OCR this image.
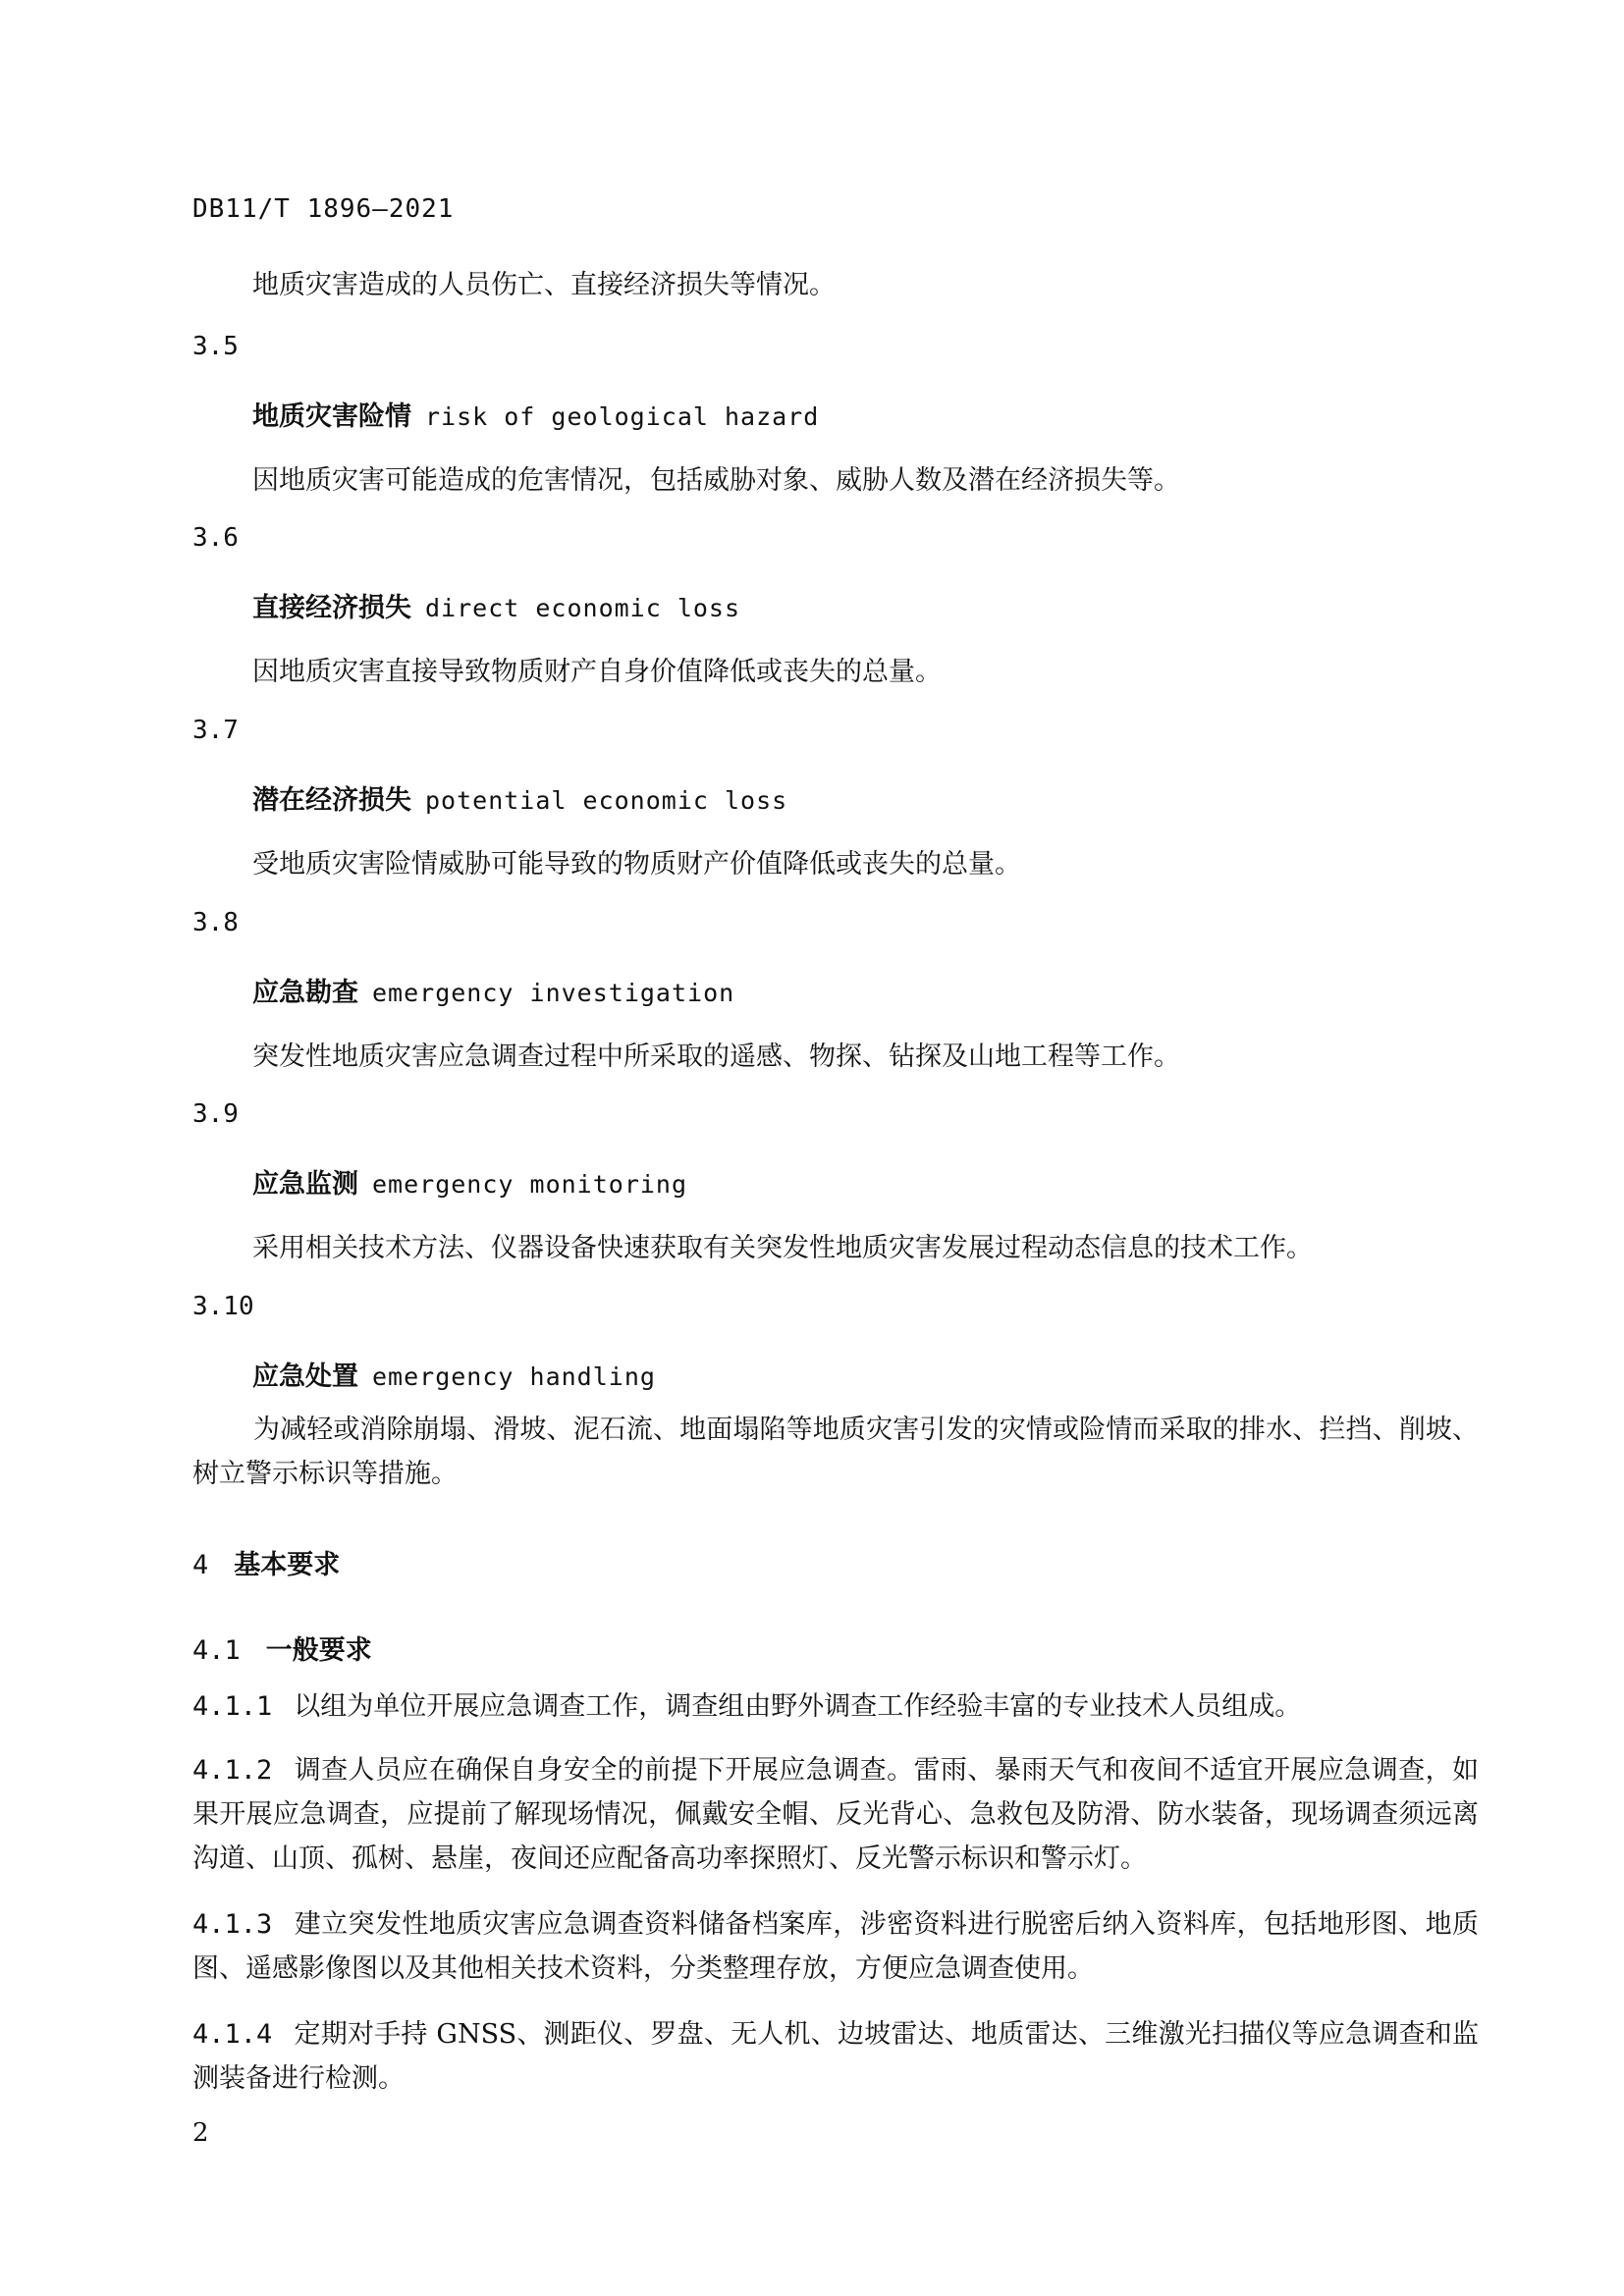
DB11/T 1896—2021
地质灾害造成的人员伤亡、直接经济损失等情况。
3.5
地质灾害险情 risk of geological hazard
因地质灾害可能造成的危害情况，包括威胁对象、威胁人数及潜在经济损失等。
3.6
直接经济损失 direct economic loss
因地质灾害直接导致物质财产自身价值降低或丧失的总量。
3.7
潜在经济损失 potential economic loss
受地质灾害险情威胁可能导致的物质财产价值降低或丧失的总量。
3.8
应急勘查 emergency investigation
突发性地质灾害应急调查过程中所采取的遥感、物探、钻探及山地工程等工作。
3.9
应急监测 emergency monitoring
采用相关技术方法、仪器设备快速获取有关突发性地质灾害发展过程动态信息的技术工作。
3.10
应急处置 emergency handling
为减轻或消除崩塌、滑坡、泥石流、地面塌陷等地质灾害引发的灾情或险情而采取的排水、拦挡、削坡、树立警示标识等措施。
4 基本要求
4.1 一般要求
4.1.1 以组为单位开展应急调查工作，调查组由野外调查工作经验丰富的专业技术人员组成。
4.1.2 调查人员应在确保自身安全的前提下开展应急调查。雷雨、暴雨天气和夜间不适宜开展应急调查，如果开展应急调查，应提前了解现场情况，佩戴安全帽、反光背心、急救包及防滑、防水装备，现场调查须远离沟道、山顶、孤树、悬崖，夜间还应配备高功率探照灯、反光警示标识和警示灯。
4.1.3 建立突发性地质灾害应急调查资料储备档案库，涉密资料进行脱密后纳入资料库，包括地形图、地质图、遥感影像图以及其他相关技术资料，分类整理存放，方便应急调查使用。
4.1.4 定期对手持 GNSS、测距仪、罗盘、无人机、边坡雷达、地质雷达、三维激光扫描仪等应急调查和监测装备进行检测。
2
